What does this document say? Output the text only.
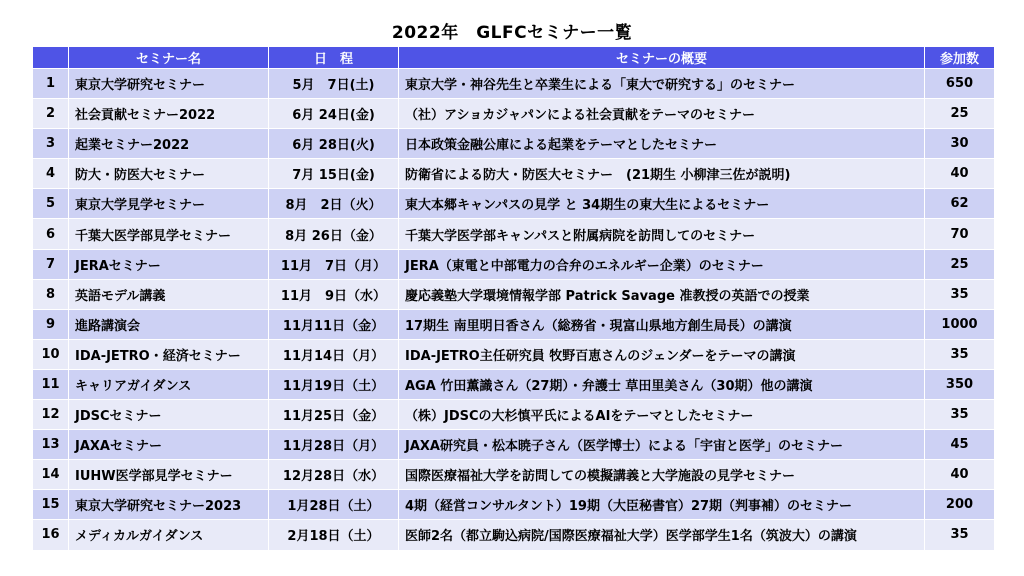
2022年　GLFCセミナー一覧
	セミナー名	日　程	セミナーの概要	参加数
1	東京大学研究セミナー	5月　7日(土)	東京大学・神谷先生と卒業生による「東大で研究する」のセミナー	650
2	社会貢献セミナー2022	6月 24日(金)	（社）アショカジャパンによる社会貢献をテーマのセミナー	25
3	起業セミナー2022	6月 28日(火)	日本政策金融公庫による起業をテーマとしたセミナー	30
4	防大・防医大セミナー	7月 15日(金)	防衛省による防大・防医大セミナー　(21期生 小柳津三佐が説明)	40
5	東京大学見学セミナー	8月　2日（火）	東大本郷キャンパスの見学 と 34期生の東大生によるセミナー	62
6	千葉大医学部見学セミナー	8月 26日（金）	千葉大学医学部キャンパスと附属病院を訪問してのセミナー	70
7	JERAセミナー	11月　7日（月）	JERA（東電と中部電力の合弁のエネルギー企業）のセミナー	25
8	英語モデル講義	11月　9日（水）	慶応義塾大学環境情報学部 Patrick Savage 准教授の英語での授業	35
9	進路講演会	11月11日（金）	17期生 南里明日香さん（総務省・現富山県地方創生局長）の講演	1000
10	IDA-JETRO・経済セミナー	11月14日（月）	IDA-JETRO主任研究員 牧野百恵さんのジェンダーをテーマの講演	35
11	キャリアガイダンス	11月19日（土）	AGA 竹田薫識さん（27期）・弁護士 草田里美さん（30期）他の講演	350
12	JDSCセミナー	11月25日（金）	（株）JDSCの大杉慎平氏によるAIをテーマとしたセミナー	35
13	JAXAセミナー	11月28日（月）	JAXA研究員・松本暁子さん（医学博士）による「宇宙と医学」のセミナー	45
14	IUHW医学部見学セミナー	12月28日（水）	国際医療福祉大学を訪問しての模擬講義と大学施設の見学セミナー	40
15	東京大学研究セミナー2023	1月28日（土）	4期（経営コンサルタント）19期（大臣秘書官）27期（判事補）のセミナー	200
16	メディカルガイダンス	2月18日（土）	医師2名（都立駒込病院/国際医療福祉大学）医学部学生1名（筑波大）の講演	35
